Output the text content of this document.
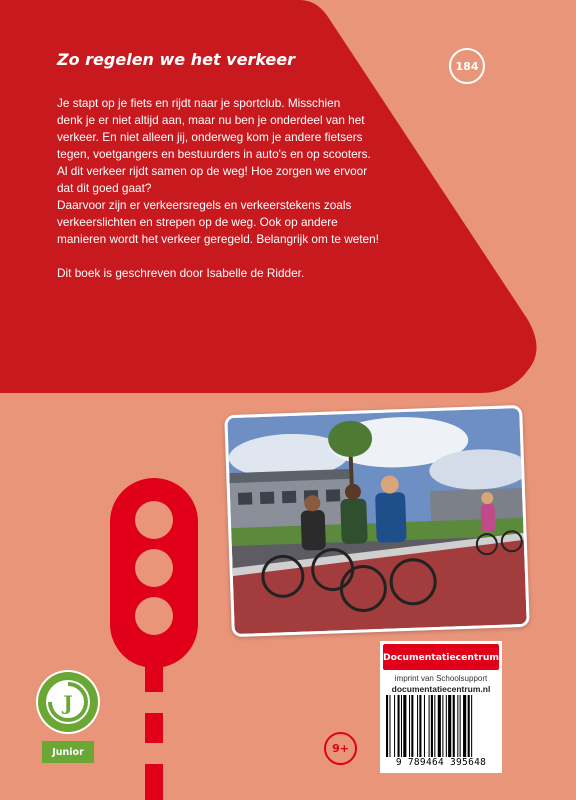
Zo regelen we het verkeer	184

Je stapt op je fiets en rijdt naar je sportclub. Misschien
denk je er niet altijd aan, maar nu ben je onderdeel van het
verkeer. En niet alleen jij, onderweg kom je andere fietsers
tegen, voetgangers en bestuurders in auto's en op scooters.
Al dit verkeer rijdt samen op de weg! Hoe zorgen we ervoor
dat dit goed gaat?

Daarvoor zijn er verkeersregels en verkeerstekens zoals
verkeerslichten en strepen op de weg. Ook op andere
manieren wordt het verkeer geregeld. Belangrijk om te weten!

Dit boek is geschreven door Isabelle de Ridder.

J
Junior	9+
Documentatiecentrum
imprint van Schoolsupport
documentatiecentrum.nl
9 789464 395648
